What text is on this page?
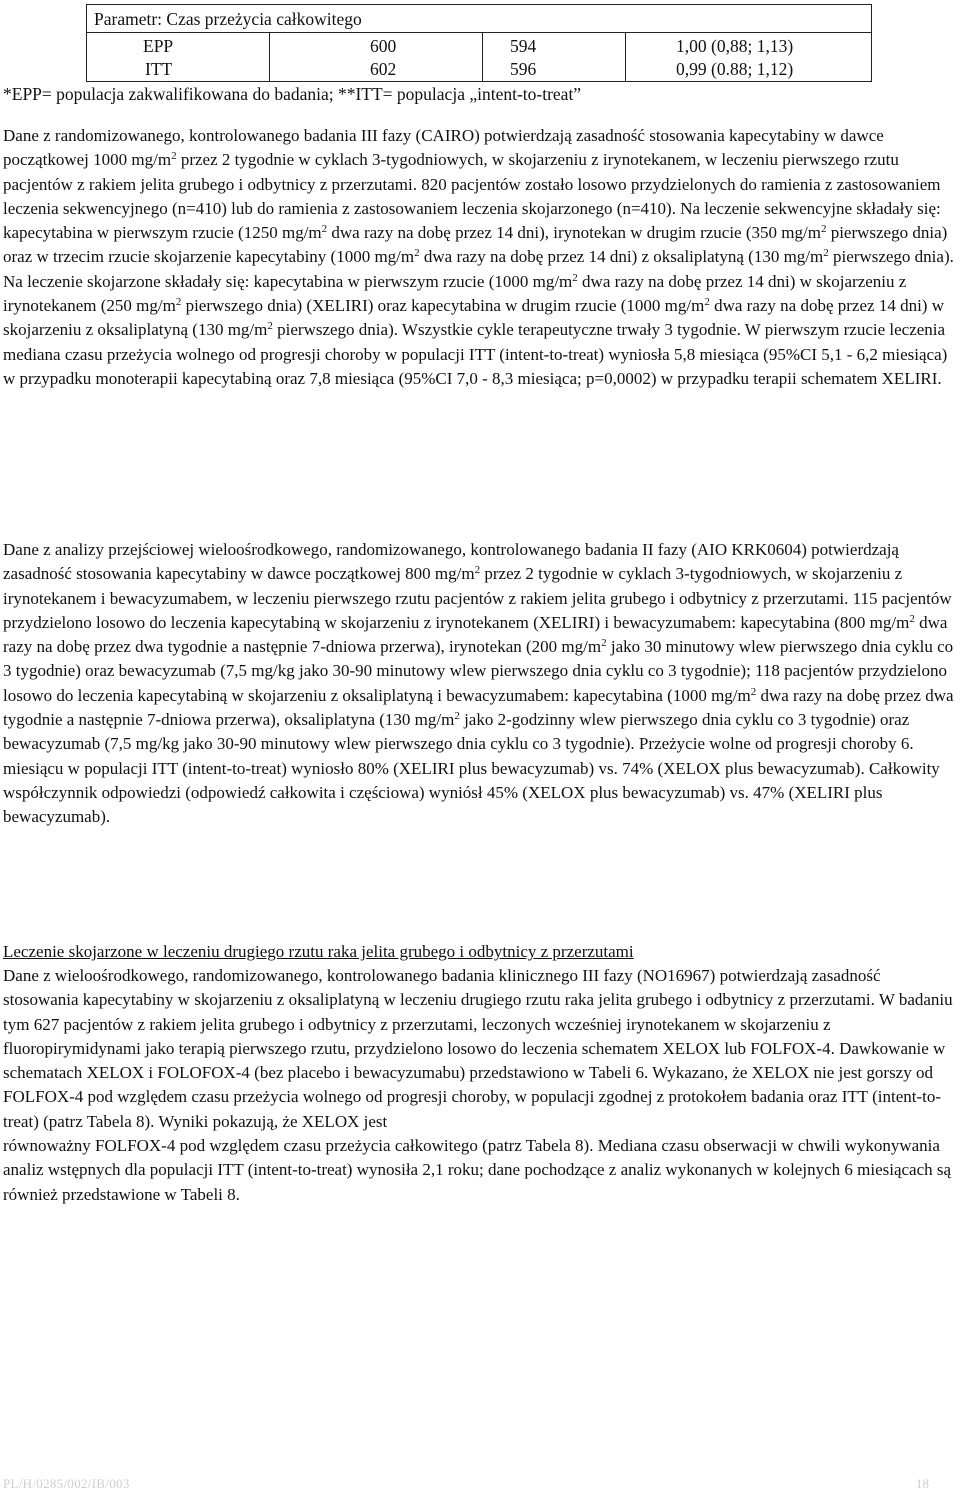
Parametr: Czas przeżycia całkowitego
EPP	600	594	1,00 (0,88; 1,13)
ITT	602	596	0,99 (0.88; 1,12)
*EPP= populacja zakwalifikowana do badania; **ITT= populacja „intent-to-treat”

Dane z randomizowanego, kontrolowanego badania III fazy (CAIRO) potwierdzają zasadność stosowania kapecytabiny w dawce początkowej 1000 $mg/m^2$ przez 2 tygodnie w cyklach 3-tygodniowych, w skojarzeniu z irynotekanem, w leczeniu pierwszego rzutu pacjentów z rakiem jelita grubego i odbytnicy z przerzutami. 820 pacjentów zostało losowo przydzielonych do ramienia z zastosowaniem leczenia sekwencyjnego (n=410) lub do ramienia z zastosowaniem leczenia skojarzonego (n=410). Na leczenie sekwencyjne składały się: kapecytabina w pierwszym rzucie (1250 $mg/m^2$ dwa razy na dobę przez 14 dni), irynotekan w drugim rzucie (350 $mg/m^2$ pierwszego dnia) oraz w trzecim rzucie skojarzenie kapecytabiny (1000 $mg/m^2$ dwa razy na dobę przez 14 dni) z oksaliplatyną (130 $mg/m^2$ pierwszego dnia). Na leczenie skojarzone składały się: kapecytabina w pierwszym rzucie (1000 $mg/m^2$ dwa razy na dobę przez 14 dni) w skojarzeniu z irynotekanem (250 $mg/m^2$ pierwszego dnia) (XELIRI) oraz kapecytabina w drugim rzucie (1000 $mg/m^2$ dwa razy na dobę przez 14 dni) w skojarzeniu z oksaliplatyną (130 $mg/m^2$ pierwszego dnia). Wszystkie cykle terapeutyczne trwały 3 tygodnie. W pierwszym rzucie leczenia mediana czasu przeżycia wolnego od progresji choroby w populacji ITT (intent-to-treat) wyniosła 5,8 miesiąca (95%CI 5,1 - 6,2 miesiąca) w przypadku monoterapii kapecytabiną oraz 7,8 miesiąca (95%CI 7,0 - 8,3 miesiąca; p=0,0002) w przypadku terapii schematem XELIRI.

Dane z analizy przejściowej wieloośrodkowego, randomizowanego, kontrolowanego badania II fazy (AIO KRK0604) potwierdzają zasadność stosowania kapecytabiny w dawce początkowej 800 $mg/m^2$ przez 2 tygodnie w cyklach 3-tygodniowych, w skojarzeniu z irynotekanem i bewacyzumabem, w leczeniu pierwszego rzutu pacjentów z rakiem jelita grubego i odbytnicy z przerzutami. 115 pacjentów przydzielono losowo do leczenia kapecytabiną w skojarzeniu z irynotekanem (XELIRI) i bewacyzumabem: kapecytabina (800 $mg/m^2$ dwa razy na dobę przez dwa tygodnie a następnie 7-dniowa przerwa), irynotekan (200 $mg/m^2$ jako 30 minutowy wlew pierwszego dnia cyklu co 3 tygodnie) oraz bewacyzumab (7,5 mg/kg jako 30-90 minutowy wlew pierwszego dnia cyklu co 3 tygodnie); 118 pacjentów przydzielono losowo do leczenia kapecytabiną w skojarzeniu z oksaliplatyną i bewacyzumabem: kapecytabina (1000 $mg/m^2$ dwa razy na dobę przez dwa tygodnie a następnie 7-dniowa przerwa), oksaliplatyna (130 $mg/m^2$ jako 2-godzinny wlew pierwszego dnia cyklu co 3 tygodnie) oraz bewacyzumab (7,5 mg/kg jako 30-90 minutowy wlew pierwszego dnia cyklu co 3 tygodnie). Przeżycie wolne od progresji choroby 6. miesiącu w populacji ITT (intent-to-treat) wyniosło 80% (XELIRI plus bewacyzumab) vs. 74% (XELOX plus bewacyzumab). Całkowity współczynnik odpowiedzi (odpowiedź całkowita i częściowa) wyniósł 45% (XELOX plus bewacyzumab) vs. 47% (XELIRI plus bewacyzumab).

Leczenie skojarzone w leczeniu drugiego rzutu raka jelita grubego i odbytnicy z przerzutami

Dane z wieloośrodkowego, randomizowanego, kontrolowanego badania klinicznego III fazy (NO16967) potwierdzają zasadność stosowania kapecytabiny w skojarzeniu z oksaliplatyną w leczeniu drugiego rzutu raka jelita grubego i odbytnicy z przerzutami. W badaniu tym 627 pacjentów z rakiem jelita grubego i odbytnicy z przerzutami, leczonych wcześniej irynotekanem w skojarzeniu z fluoropirymidynami jako terapią pierwszego rzutu, przydzielono losowo do leczenia schematem XELOX lub FOLFOX-4. Dawkowanie w schematach XELOX i FOLOFOX-4 (bez placebo i bewacyzumabu) przedstawiono w Tabeli 6. Wykazano, że XELOX nie jest gorszy od FOLFOX-4 pod względem czasu przeżycia wolnego od progresji choroby, w populacji zgodnej z protokołem badania oraz ITT (intent-to-treat) (patrz Tabela 8). Wyniki pokazują, że XELOX jest

równoważny FOLFOX-4 pod względem czasu przeżycia całkowitego (patrz Tabela 8). Mediana czasu obserwacji w chwili wykonywania analiz wstępnych dla populacji ITT (intent-to-treat) wynosiła 2,1 roku; dane pochodzące z analiz wykonanych w kolejnych 6 miesiącach są również przedstawione w Tabeli 8.

PL/H/0285/002/IB/003	18
